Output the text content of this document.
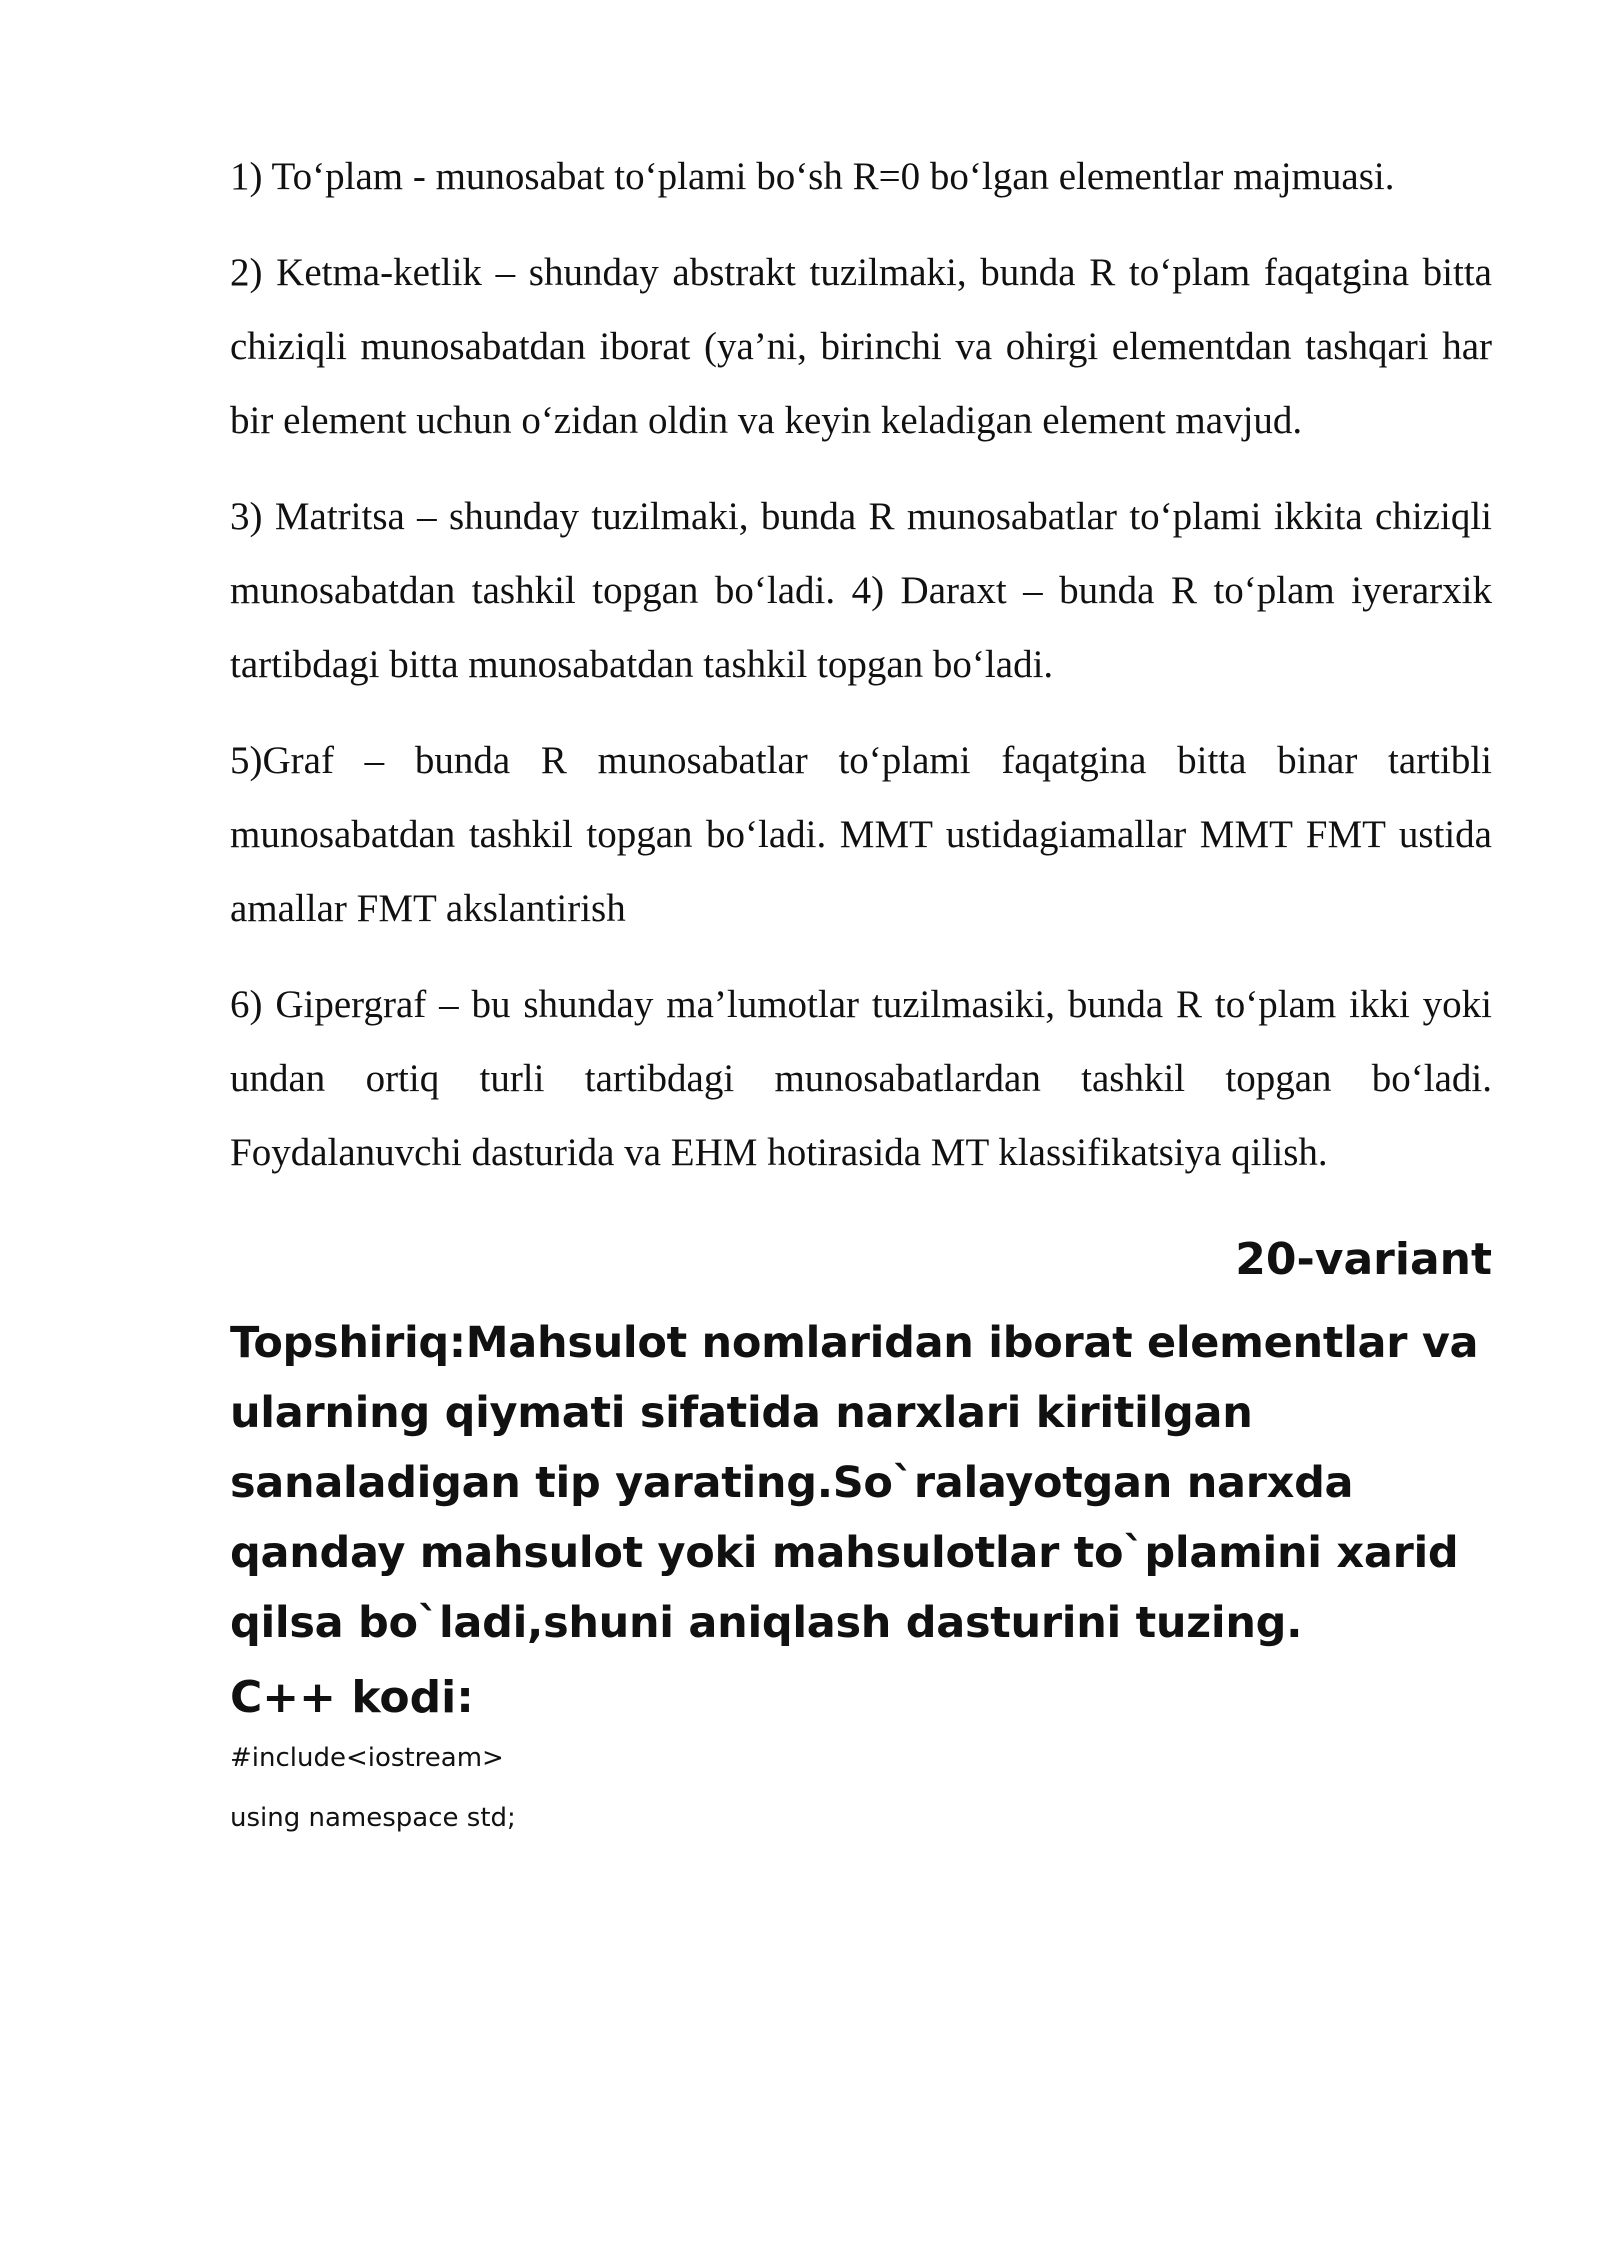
1) To‘plam - munosabat to‘plami bo‘sh R=0 bo‘lgan elementlar majmuasi.

2) Ketma-ketlik – shunday abstrakt tuzilmaki, bunda R to‘plam faqatgina bitta chiziqli munosabatdan iborat (ya’ni, birinchi va ohirgi elementdan tashqari har bir element uchun o‘zidan oldin va keyin keladigan element mavjud.

3) Matritsa – shunday tuzilmaki, bunda R munosabatlar to‘plami ikkita chiziqli munosabatdan tashkil topgan bo‘ladi. 4) Daraxt – bunda R to‘plam iyerarxik tartibdagi bitta munosabatdan tashkil topgan bo‘ladi.

5)Graf – bunda R munosabatlar to‘plami faqatgina bitta binar tartibli munosabatdan tashkil topgan bo‘ladi. MMT ustidagiamallar MMT FMT ustida amallar FMT akslantirish

6) Gipergraf – bu shunday ma’lumotlar tuzilmasiki, bunda R to‘plam ikki yoki undan ortiq turli tartibdagi munosabatlardan tashkil topgan bo‘ladi. Foydalanuvchi dasturida va EHM hotirasida MT klassifikatsiya qilish.

20-variant
Topshiriq:Mahsulot nomlaridan iborat elementlar va ularning qiymati sifatida narxlari kiritilgan sanaladigan tip yarating.So`ralayotgan narxda qanday mahsulot yoki mahsulotlar to`plamini xarid qilsa bo`ladi,shuni aniqlash dasturini tuzing.
C++ kodi:
#include<iostream>
using namespace std;
